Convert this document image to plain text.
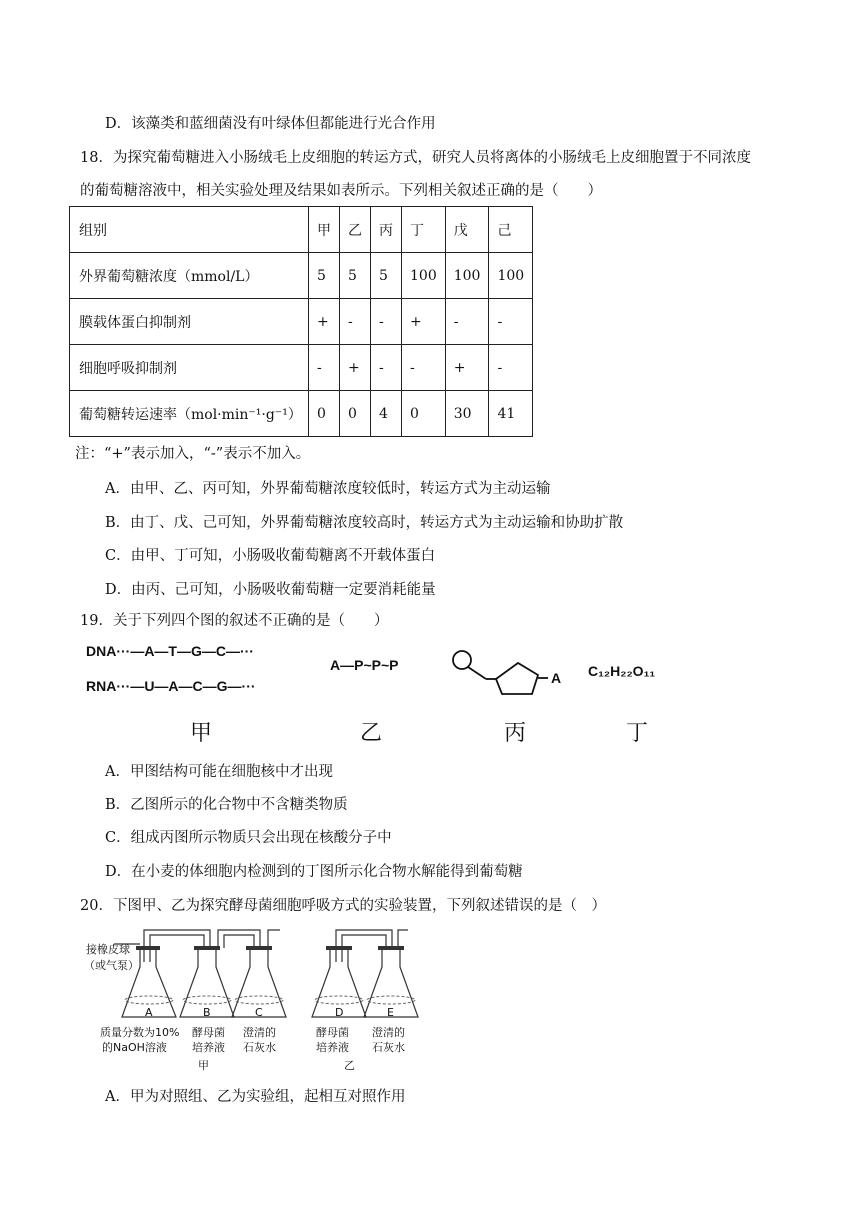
D．该藻类和蓝细菌没有叶绿体但都能进行光合作用
18．为探究葡萄糖进入小肠绒毛上皮细胞的转运方式，研究人员将离体的小肠绒毛上皮细胞置于不同浓度
的葡萄糖溶液中，相关实验处理及结果如表所示。下列相关叙述正确的是（　　）
组别	甲	乙	丙	丁	戊	己
外界葡萄糖浓度（mmol/L）	5	5	5	100	100	100
膜载体蛋白抑制剂	+	-	-	+	-	-
细胞呼吸抑制剂	-	+	-	-	+	-
葡萄糖转运速率（mol·min⁻¹·g⁻¹）	0	0	4	0	30	41
注：“+”表示加入，“-”表示不加入。
A．由甲、乙、丙可知，外界葡萄糖浓度较低时，转运方式为主动运输
B．由丁、戊、己可知，外界葡萄糖浓度较高时，转运方式为主动运输和协助扩散
C．由甲、丁可知，小肠吸收葡萄糖离不开载体蛋白
D．由丙、己可知，小肠吸收葡萄糖一定要消耗能量
19．关于下列四个图的叙述不正确的是（　　）
DNA···—A—T—G—C—···
RNA···—U—A—C—G—···
A—P~P~P
A C₁₂H₂₂O₁₁
甲	乙	丙	丁
A．甲图结构可能在细胞核中才出现
B．乙图所示的化合物中不含糖类物质
C．组成丙图所示物质只会出现在核酸分子中
D．在小麦的体细胞内检测到的丁图所示化合物水解能得到葡萄糖
20．下图甲、乙为探究酵母菌细胞呼吸方式的实验装置，下列叙述错误的是（　）
接橡皮球
（或气泵）
A	B	C	D	E
质量分数为10%
的NaOH溶液
酵母菌
培养液
澄清的
石灰水
酵母菌
培养液
澄清的
石灰水
甲	乙
A．甲为对照组、乙为实验组，起相互对照作用
